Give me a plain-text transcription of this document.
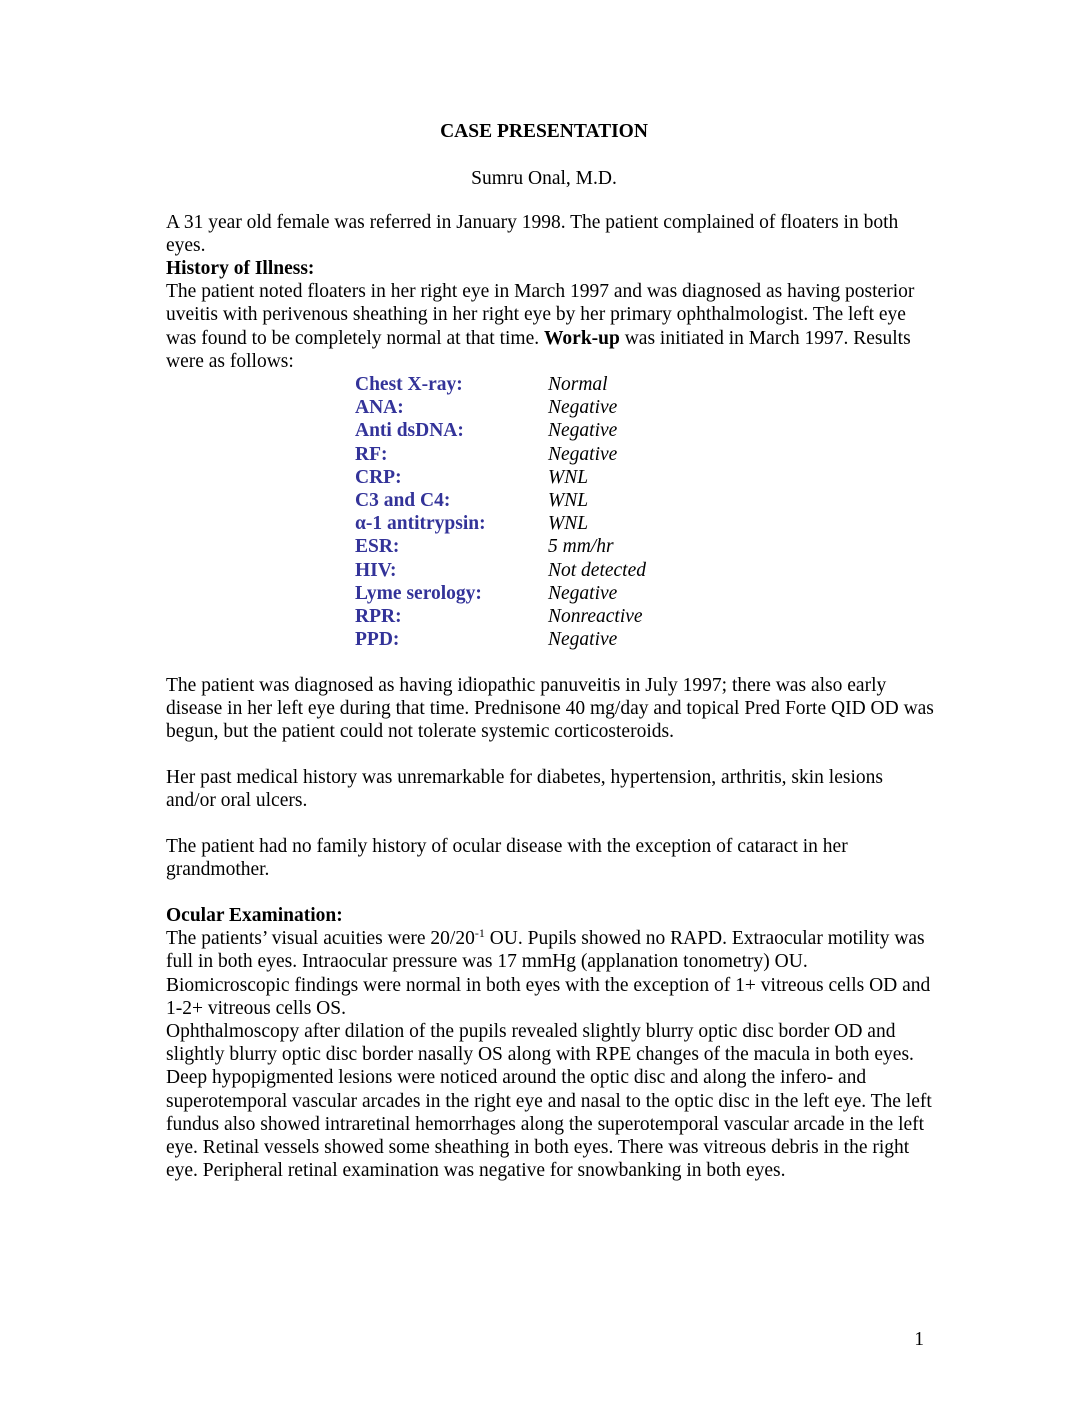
CASE PRESENTATION
Sumru Onal, M.D.

A 31 year old female was referred in January 1998. The patient complained of floaters in both eyes.

History of Illness:
The patient noted floaters in her right eye in March 1997 and was diagnosed as having posterior uveitis with perivenous sheathing in her right eye by her primary ophthalmologist. The left eye was found to be completely normal at that time. Work-up was initiated in March 1997. Results were as follows:
Chest X-ray:	Normal
ANA:	Negative
Anti dsDNA:	Negative
RF:	Negative
CRP:	WNL
C3 and C4:	WNL
α-1 antitrypsin:	WNL
ESR:	5 mm/hr
HIV:	Not detected
Lyme serology:	Negative
RPR:	Nonreactive
PPD:	Negative

The patient was diagnosed as having idiopathic panuveitis in July 1997; there was also early disease in her left eye during that time. Prednisone 40 mg/day and topical Pred Forte QID OD was begun, but the patient could not tolerate systemic corticosteroids.

Her past medical history was unremarkable for diabetes, hypertension, arthritis, skin lesions and/or oral ulcers.

The patient had no family history of ocular disease with the exception of cataract in her grandmother.

Ocular Examination:
The patients’ visual acuities were $20/20^{-1}$ OU. Pupils showed no RAPD. Extraocular motility was full in both eyes. Intraocular pressure was 17 mmHg (applanation tonometry) OU. Biomicroscopic findings were normal in both eyes with the exception of 1+ vitreous cells OD and 1-2+ vitreous cells OS.
Ophthalmoscopy after dilation of the pupils revealed slightly blurry optic disc border OD and slightly blurry optic disc border nasally OS along with RPE changes of the macula in both eyes. Deep hypopigmented lesions were noticed around the optic disc and along the infero- and superotemporal vascular arcades in the right eye and nasal to the optic disc in the left eye. The left fundus also showed intraretinal hemorrhages along the superotemporal vascular arcade in the left eye. Retinal vessels showed some sheathing in both eyes. There was vitreous debris in the right eye. Peripheral retinal examination was negative for snowbanking in both eyes.
1
